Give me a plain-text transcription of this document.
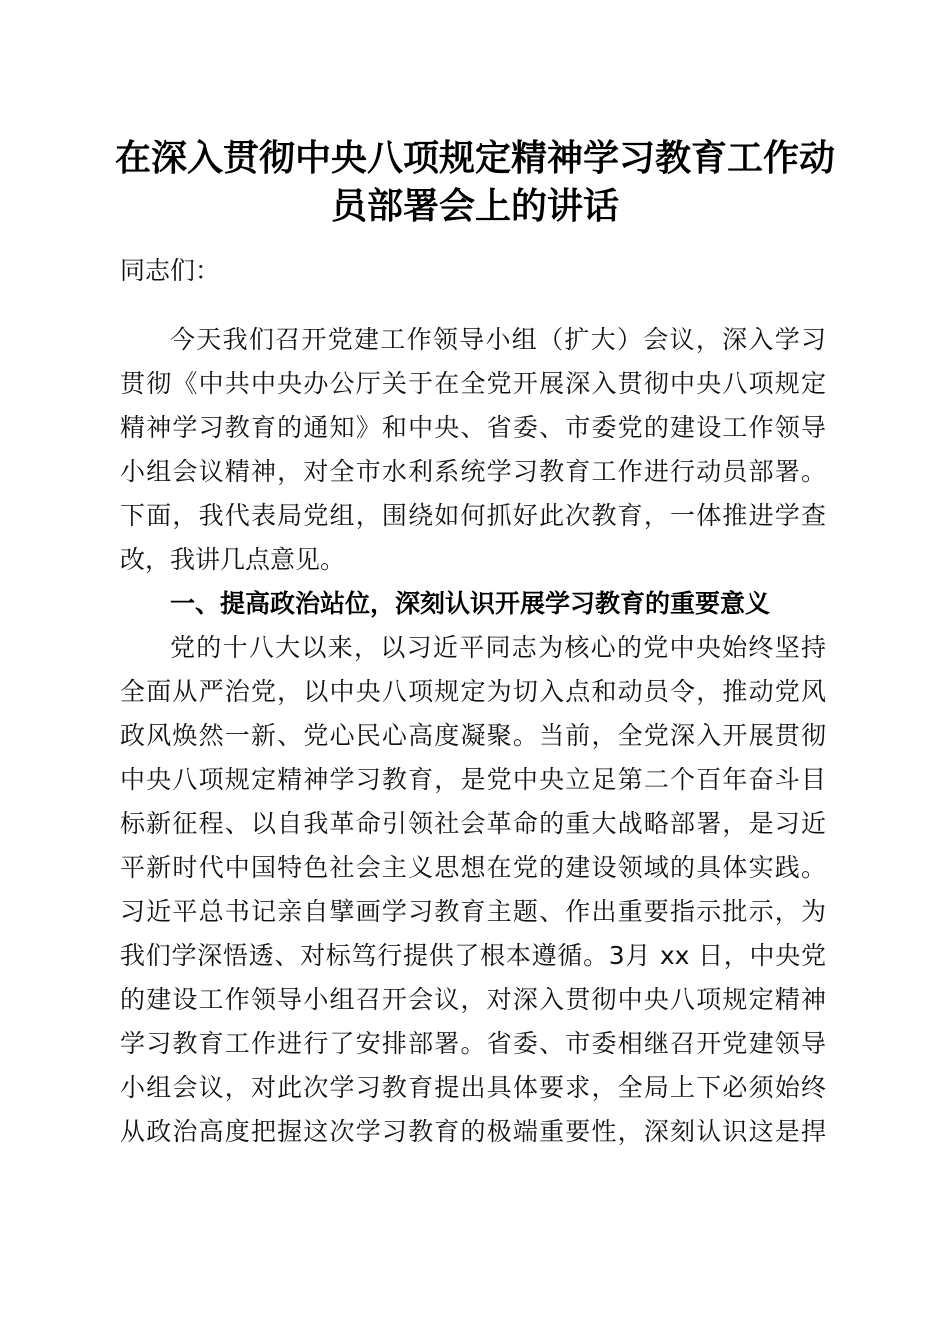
在深入贯彻中央八项规定精神学习教育工作动
员部署会上的讲话
同志们：
今天我们召开党建工作领导小组（扩大）会议，深入学习
贯彻《中共中央办公厅关于在全党开展深入贯彻中央八项规定
精神学习教育的通知》和中央、省委、市委党的建设工作领导
小组会议精神，对全市水利系统学习教育工作进行动员部署。
下面，我代表局党组，围绕如何抓好此次教育，一体推进学查
改，我讲几点意见。
一、提高政治站位，深刻认识开展学习教育的重要意义
党的十八大以来，以习近平同志为核心的党中央始终坚持
全面从严治党，以中央八项规定为切入点和动员令，推动党风
政风焕然一新、党心民心高度凝聚。当前，全党深入开展贯彻
中央八项规定精神学习教育，是党中央立足第二个百年奋斗目
标新征程、以自我革命引领社会革命的重大战略部署，是习近
平新时代中国特色社会主义思想在党的建设领域的具体实践。
习近平总书记亲自擘画学习教育主题、作出重要指示批示，为
我们学深悟透、对标笃行提供了根本遵循。3月 xx 日，中央党
的建设工作领导小组召开会议，对深入贯彻中央八项规定精神
学习教育工作进行了安排部署。省委、市委相继召开党建领导
小组会议，对此次学习教育提出具体要求，全局上下必须始终
从政治高度把握这次学习教育的极端重要性，深刻认识这是捍
